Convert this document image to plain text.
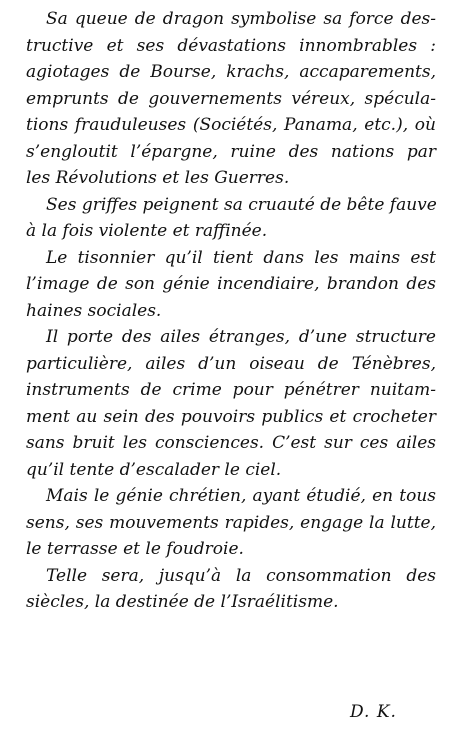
Sa queue de dragon symbolise sa force des-
tructive et ses dévastations innombrables :
agiotages de Bourse, krachs, accaparements,
emprunts de gouvernements véreux, spécula-
tions frauduleuses (Sociétés, Panama, etc.), où
s’engloutit l’épargne, ruine des nations par
les Révolutions et les Guerres.

Ses griffes peignent sa cruauté de bête fauve
à la fois violente et raffinée.

Le tisonnier qu’il tient dans les mains est
l’image de son génie incendiaire, brandon des
haines sociales.

Il porte des ailes étranges, d’une structure
particulière, ailes d’un oiseau de Ténèbres,
instruments de crime pour pénétrer nuitam-
ment au sein des pouvoirs publics et crocheter
sans bruit les consciences. C’est sur ces ailes
qu’il tente d’escalader le ciel.

Mais le génie chrétien, ayant étudié, en tous
sens, ses mouvements rapides, engage la lutte,
le terrasse et le foudroie.

Telle sera, jusqu’à la consommation des
siècles, la destinée de l’Israélitisme.

D. K.
